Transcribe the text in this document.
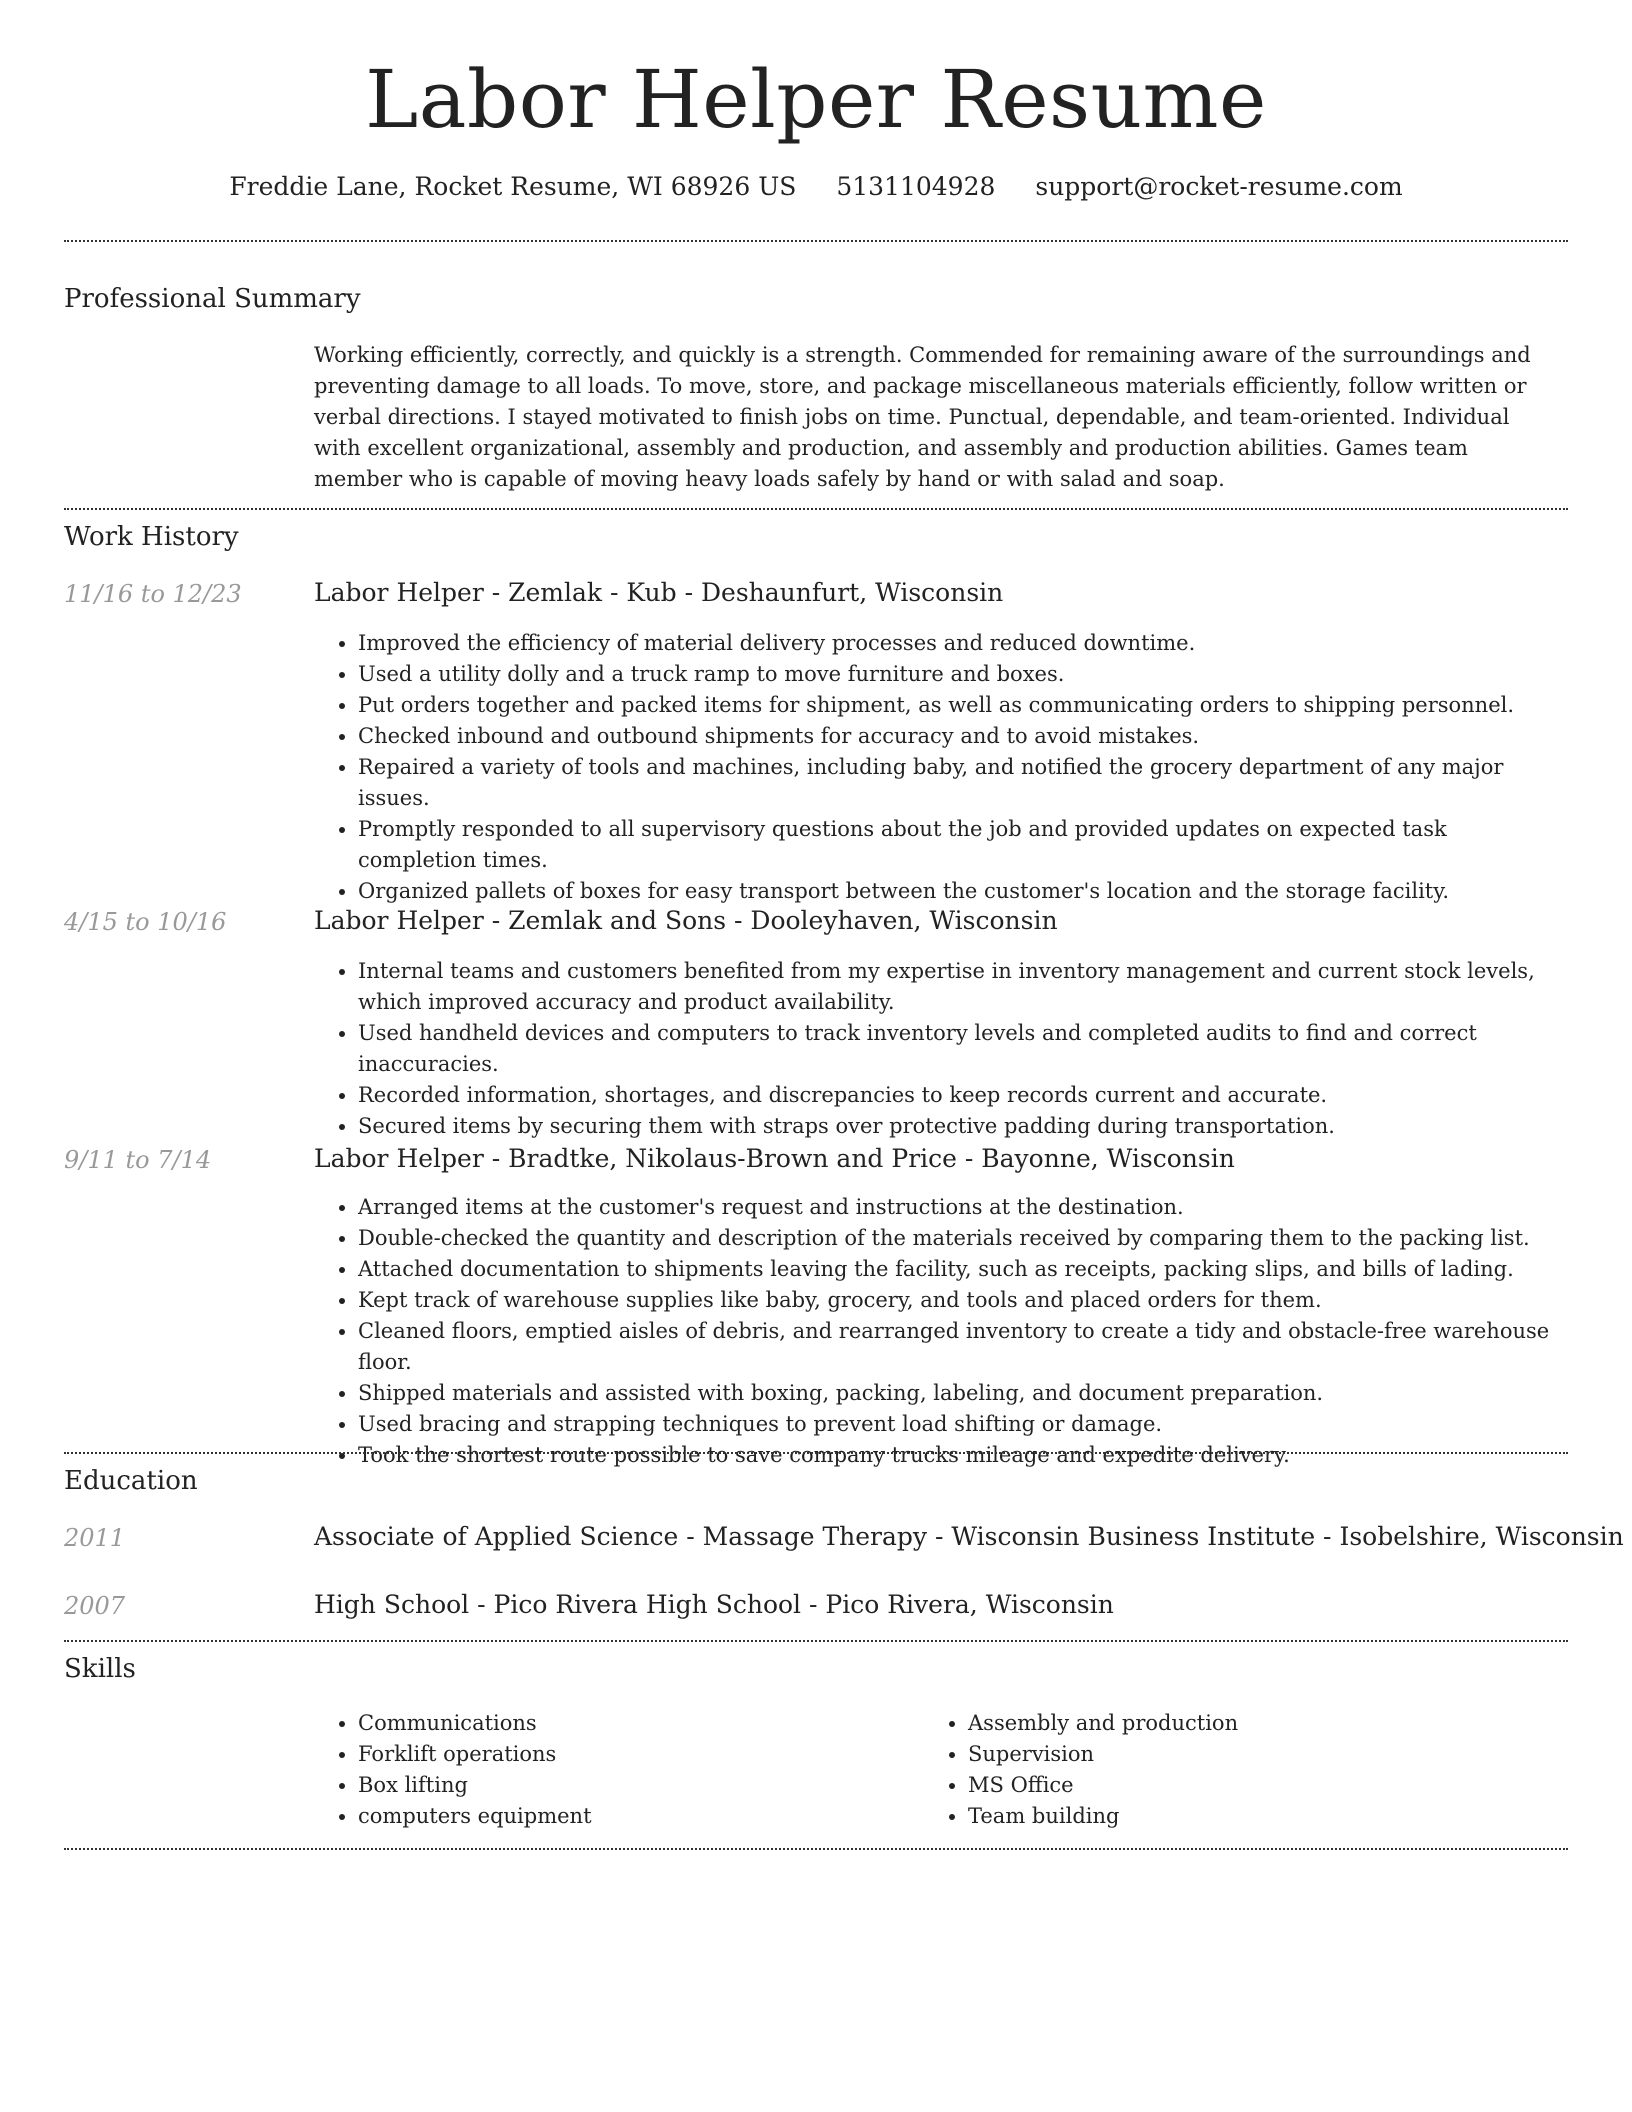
Labor Helper Resume
Freddie Lane, Rocket Resume, WI 68926 US 5131104928 support@rocket-resume.com
Professional Summary
Working efficiently, correctly, and quickly is a strength. Commended for remaining aware of the surroundings and preventing damage to all loads. To move, store, and package miscellaneous materials efficiently, follow written or verbal directions. I stayed motivated to finish jobs on time. Punctual, dependable, and team-oriented. Individual with excellent organizational, assembly and production, and assembly and production abilities. Games team member who is capable of moving heavy loads safely by hand or with salad and soap.
Work History
11/16 to 12/23	Labor Helper - Zemlak - Kub - Deshaunfurt, Wisconsin
• Improved the efficiency of material delivery processes and reduced downtime.
• Used a utility dolly and a truck ramp to move furniture and boxes.
• Put orders together and packed items for shipment, as well as communicating orders to shipping personnel.
• Checked inbound and outbound shipments for accuracy and to avoid mistakes.
• Repaired a variety of tools and machines, including baby, and notified the grocery department of any major issues.
• Promptly responded to all supervisory questions about the job and provided updates on expected task completion times.
• Organized pallets of boxes for easy transport between the customer's location and the storage facility.
4/15 to 10/16	Labor Helper - Zemlak and Sons - Dooleyhaven, Wisconsin
• Internal teams and customers benefited from my expertise in inventory management and current stock levels, which improved accuracy and product availability.
• Used handheld devices and computers to track inventory levels and completed audits to find and correct inaccuracies.
• Recorded information, shortages, and discrepancies to keep records current and accurate.
• Secured items by securing them with straps over protective padding during transportation.
9/11 to 7/14	Labor Helper - Bradtke, Nikolaus-Brown and Price - Bayonne, Wisconsin
• Arranged items at the customer's request and instructions at the destination.
• Double-checked the quantity and description of the materials received by comparing them to the packing list.
• Attached documentation to shipments leaving the facility, such as receipts, packing slips, and bills of lading.
• Kept track of warehouse supplies like baby, grocery, and tools and placed orders for them.
• Cleaned floors, emptied aisles of debris, and rearranged inventory to create a tidy and obstacle-free warehouse floor.
• Shipped materials and assisted with boxing, packing, labeling, and document preparation.
• Used bracing and strapping techniques to prevent load shifting or damage.
• Took the shortest route possible to save company trucks mileage and expedite delivery.
Education
2011	Associate of Applied Science - Massage Therapy - Wisconsin Business Institute - Isobelshire, Wisconsin
2007	High School - Pico Rivera High School - Pico Rivera, Wisconsin
Skills
• Communications
• Forklift operations
• Box lifting
• computers equipment
• Assembly and production
• Supervision
• MS Office
• Team building
